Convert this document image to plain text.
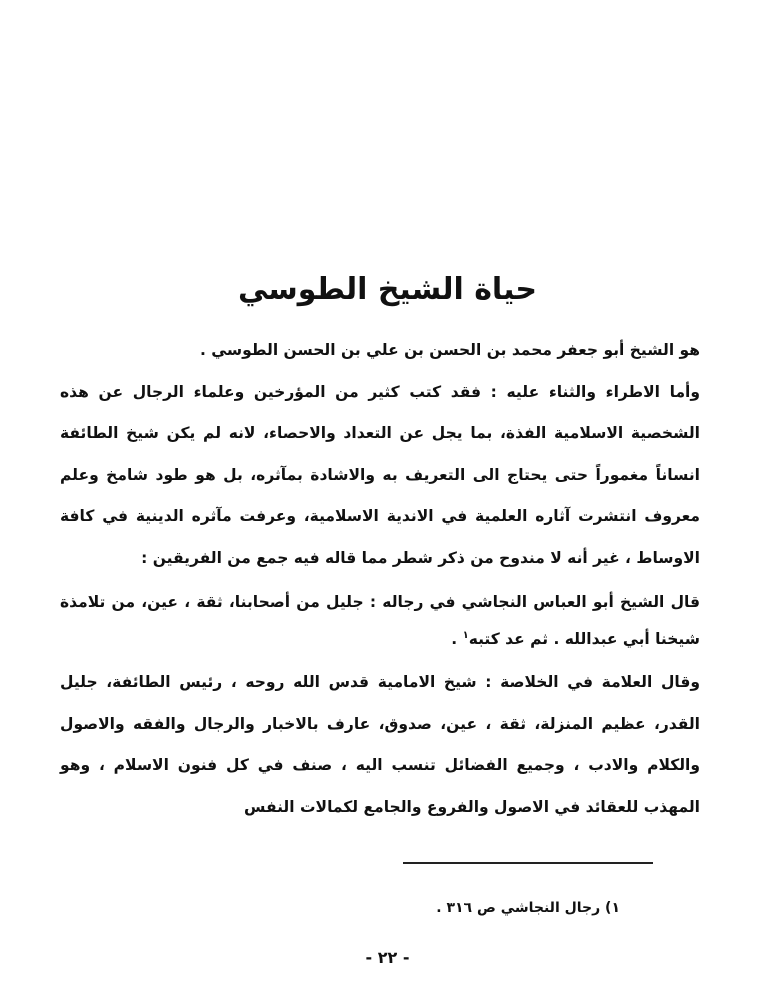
حياة الشيخ الطوسي

هو الشيخ أبو جعفر محمد بن الحسن بن علي بن الحسن الطوسي .

وأما الاطراء والثناء عليه : فقد كتب كثير من المؤرخين وعلماء الرجال عن هذه الشخصية الاسلامية الفذة، بما يجل عن التعداد والاحصاء، لانه لم يكن شيخ الطائفة انساناً مغموراً حتى يحتاج الى التعريف به والاشادة بمآثره، بل هو طود شامخ وعلم معروف انتشرت آثاره العلمية في الاندية الاسلامية، وعرفت مآثره الدينية في كافة الاوساط ، غير أنه لا مندوح من ذكر شطر مما قاله فيه جمع من الفريقين :

قال الشيخ أبو العباس النجاشي في رجاله : جليل من أصحابنا، ثقة ، عين، من تلامذة شيخنا أبي عبدالله . ثم عد كتبه$^١$ .

وقال العلامة في الخلاصة : شيخ الامامية قدس الله روحه ، رئيس الطائفة، جليل القدر، عظيم المنزلة، ثقة ، عين، صدوق، عارف بالاخبار والرجال والفقه والاصول والكلام والادب ، وجميع الفضائل تنسب اليه ، صنف في كل فنون الاسلام ، وهو المهذب للعقائد في الاصول والفروع والجامع لكمالات النفس

١) رجال النجاشي ص ٣١٦ .
- ٢٢ -
